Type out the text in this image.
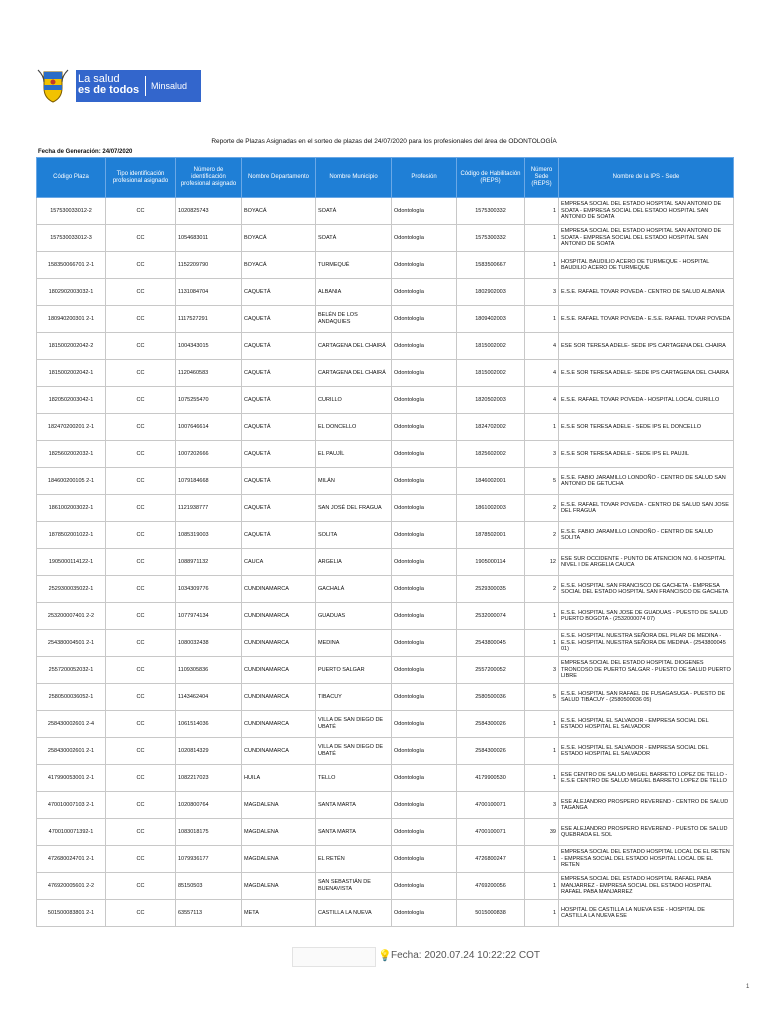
La salud
es de todos Minsalud
Reporte de Plazas Asignadas en el sorteo de plazas del 24/07/2020 para los profesionales del área de ODONTOLOGÍA
Fecha de Generación: 24/07/2020
Código Plaza	Tipo identificación profesional asignado	Número de identificación profesional asignado	Nombre Departamento	Nombre Municipio	Profesión	Código de Habilitación (REPS)	Número Sede (REPS)	Nombre de la IPS - Sede
157530033012-2	CC	1020825743	BOYACÁ	SOATÁ	Odontología	1575300332	1	EMPRESA SOCIAL DEL ESTADO HOSPITAL SAN ANTONIO DE SOATA - EMPRESA SOCIAL DEL ESTADO HOSPITAL SAN ANTONIO DE SOATA
157530033012-3	CC	1054683011	BOYACÁ	SOATÁ	Odontología	1575300332	1	EMPRESA SOCIAL DEL ESTADO HOSPITAL SAN ANTONIO DE SOATA - EMPRESA SOCIAL DEL ESTADO HOSPITAL SAN ANTONIO DE SOATA
158350066701 2-1	CC	1152209790	BOYACÁ	TURMEQUÉ	Odontología	1583500667	1	HOSPITAL BAUDILIO ACERO DE TURMEQUE - HOSPITAL BAUDILIO ACERO DE TURMEQUE
1802902003032-1	CC	1131084704	CAQUETÁ	ALBANIA	Odontología	1802902003	3	E.S.E. RAFAEL TOVAR POVEDA - CENTRO DE SALUD ALBANIA
180940200301 2-1	CC	1117527291	CAQUETÁ	BELÉN DE LOS ANDAQUIES	Odontología	1809402003	1	E.S.E. RAFAEL TOVAR POVEDA - E.S.E. RAFAEL TOVAR POVEDA
1815002002042-2	CC	1004343015	CAQUETÁ	CARTAGENA DEL CHAIRÁ	Odontología	1815002002	4	ESE SOR TERESA ADELE- SEDE IPS CARTAGENA DEL CHAIRA
1815002002042-1	CC	1120460583	CAQUETÁ	CARTAGENA DEL CHAIRÁ	Odontología	1815002002	4	E.S.E SOR TERESA ADELE- SEDE IPS CARTAGENA DEL CHAIRA
1820502003042-1	CC	1075255470	CAQUETÁ	CURILLO	Odontología	1820502003	4	E.S.E. RAFAEL TOVAR POVEDA - HOSPITAL LOCAL CURILLO
182470200201 2-1	CC	1007646614	CAQUETÁ	EL DONCELLO	Odontología	1824702002	1	E.S.E SOR TERESA ADELE - SEDE IPS EL DONCELLO
1825602002032-1	CC	1007202666	CAQUETÁ	EL PAUJÍL	Odontología	1825602002	3	E.S.E SOR TERESA ADELE - SEDE IPS EL PAUJIL
184600200105 2-1	CC	1079184668	CAQUETÁ	MILÁN	Odontología	1846002001	5	E.S.E. FABIO JARAMILLO LONDOÑO - CENTRO DE SALUD SAN ANTONIO DE GETUCHA
1861002003022-1	CC	1121938777	CAQUETÁ	SAN JOSÉ DEL FRAGUA	Odontología	1861002003	2	E.S.E. RAFAEL TOVAR POVEDA - CENTRO DE SALUD SAN JOSE DEL FRAGUA
1878502001022-1	CC	1085319003	CAQUETÁ	SOLITA	Odontología	1878502001	2	E.S.E. FABIO JARAMILLO LONDOÑO - CENTRO DE SALUD SOLITA
1905000114122-1	CC	1088971132	CAUCA	ARGELIA	Odontología	1905000114	12	ESE SUR OCCIDENTE - PUNTO DE ATENCION NO. 6 HOSPITAL NIVEL I DE ARGELIA CAUCA
2529300035022-1	CC	1034309776	CUNDINAMARCA	GACHALÁ	Odontología	2529300035	2	E.S.E. HOSPITAL SAN FRANCISCO DE GACHETA - EMPRESA SOCIAL DEL ESTADO HOSPITAL SAN FRANCISCO DE GACHETA
253200007401 2-2	CC	1077974134	CUNDINAMARCA	GUADUAS	Odontología	2532000074	1	E.S.E. HOSPITAL SAN JOSE DE GUADUAS - PUESTO DE SALUD PUERTO BOGOTA - (2532000074 07)
254380004501 2-1	CC	1080032438	CUNDINAMARCA	MEDINA	Odontología	2543800045	1	E.S.E. HOSPITAL NUESTRA SEÑORA DEL PILAR DE MEDINA - E.S.E. HOSPITAL NUESTRA SEÑORA DE MEDINA - (2543800045 01)
2557200052032-1	CC	1109305836	CUNDINAMARCA	PUERTO SALGAR	Odontología	2557200052	3	EMPRESA SOCIAL DEL ESTADO HOSPITAL DIOGENES TRONCOSO DE PUERTO SALGAR - PUESTO DE SALUD PUERTO LIBRE
2580500036052-1	CC	1143462404	CUNDINAMARCA	TIBACUY	Odontología	2580500036	5	E.S.E. HOSPITAL SAN RAFAEL DE FUSAGASUGA - PUESTO DE SALUD TIBACUY - (2580500036 05)
258430002601 2-4	CC	1061514036	CUNDINAMARCA	VILLA DE SAN DIEGO DE UBATÉ	Odontología	2584300026	1	E.S.E. HOSPITAL EL SALVADOR - EMPRESA SOCIAL DEL ESTADO HOSPITAL EL SALVADOR
258430002601 2-1	CC	1020814329	CUNDINAMARCA	VILLA DE SAN DIEGO DE UBATÉ	Odontología	2584300026	1	E.S.E. HOSPITAL EL SALVADOR - EMPRESA SOCIAL DEL ESTADO HOSPITAL EL SALVADOR
417990053001 2-1	CC	1082217023	HUILA	TELLO	Odontología	4179900530	1	ESE CENTRO DE SALUD MIGUEL BARRETO LOPEZ DE TELLO - E.S.E CENTRO DE SALUD MIGUEL BARRETO LOPEZ DE TELLO
470010007103 2-1	CC	1020800764	MAGDALENA	SANTA MARTA	Odontología	4700100071	3	ESE ALEJANDRO PROSPERO REVEREND - CENTRO DE SALUD TAGANGA
4700100071392-1	CC	1083018175	MAGDALENA	SANTA MARTA	Odontología	4700100071	39	ESE ALEJANDRO PROSPERO REVEREND - PUESTO DE SALUD QUEBRADA EL SOL
472680024701 2-1	CC	1079936177	MAGDALENA	EL RETÉN	Odontología	4726800247	1	EMPRESA SOCIAL DEL ESTADO HOSPITAL LOCAL DE EL RETEN - EMPRESA SOCIAL DEL ESTADO HOSPITAL LOCAL DE EL RETEN
476920005601 2-2	CC	85150503	MAGDALENA	SAN SEBASTIÁN DE BUENAVISTA	Odontología	4769200056	1	EMPRESA SOCIAL DEL ESTADO HOSPITAL RAFAEL PABA MANJARREZ - EMPRESA SOCIAL DEL ESTADO HOSPITAL RAFAEL PABA MANJARREZ
501500083801 2-1	CC	63557113	META	CASTILLA LA NUEVA	Odontología	5015000838	1	HOSPITAL DE CASTILLA LA NUEVA ESE - HOSPITAL DE CASTILLA LA NUEVA ESE
💡 Fecha: 2020.07.24 10:22:22 COT
1
